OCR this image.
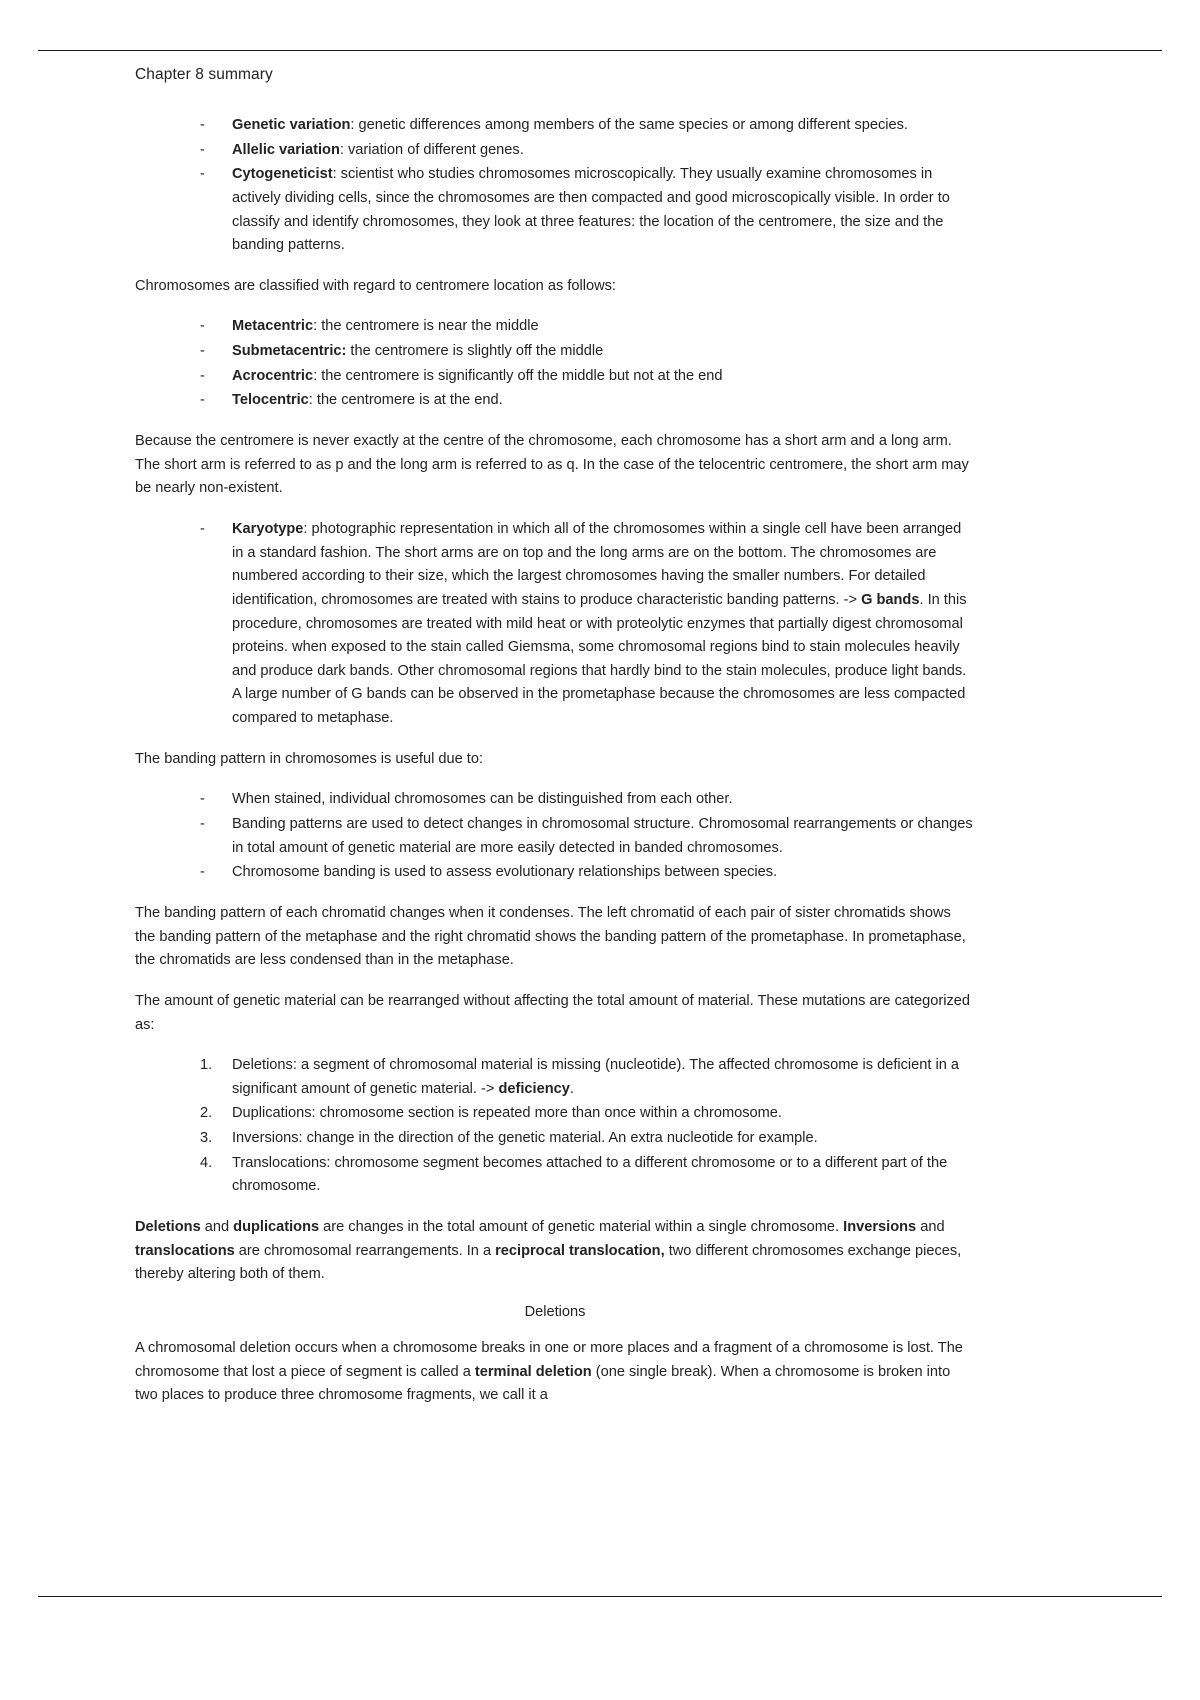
Chapter 8 summary
- Genetic variation: genetic differences among members of the same species or among different species.
- Allelic variation: variation of different genes.
- Cytogeneticist: scientist who studies chromosomes microscopically. They usually examine chromosomes in actively dividing cells, since the chromosomes are then compacted and good microscopically visible. In order to classify and identify chromosomes, they look at three features: the location of the centromere, the size and the banding patterns.

Chromosomes are classified with regard to centromere location as follows:

- Metacentric: the centromere is near the middle
- Submetacentric: the centromere is slightly off the middle
- Acrocentric: the centromere is significantly off the middle but not at the end
- Telocentric: the centromere is at the end.

Because the centromere is never exactly at the centre of the chromosome, each chromosome has a short arm and a long arm. The short arm is referred to as p and the long arm is referred to as q. In the case of the telocentric centromere, the short arm may be nearly non-existent.

- Karyotype: photographic representation in which all of the chromosomes within a single cell have been arranged in a standard fashion. The short arms are on top and the long arms are on the bottom. The chromosomes are numbered according to their size, which the largest chromosomes having the smaller numbers. For detailed identification, chromosomes are treated with stains to produce characteristic banding patterns. -> G bands. In this procedure, chromosomes are treated with mild heat or with proteolytic enzymes that partially digest chromosomal proteins. when exposed to the stain called Giemsma, some chromosomal regions bind to stain molecules heavily and produce dark bands. Other chromosomal regions that hardly bind to the stain molecules, produce light bands. A large number of G bands can be observed in the prometaphase because the chromosomes are less compacted compared to metaphase.

The banding pattern in chromosomes is useful due to:

- When stained, individual chromosomes can be distinguished from each other.
- Banding patterns are used to detect changes in chromosomal structure. Chromosomal rearrangements or changes in total amount of genetic material are more easily detected in banded chromosomes.
- Chromosome banding is used to assess evolutionary relationships between species.

The banding pattern of each chromatid changes when it condenses. The left chromatid of each pair of sister chromatids shows the banding pattern of the metaphase and the right chromatid shows the banding pattern of the prometaphase. In prometaphase, the chromatids are less condensed than in the metaphase.

The amount of genetic material can be rearranged without affecting the total amount of material. These mutations are categorized as:

Deletions: a segment of chromosomal material is missing (nucleotide). The affected chromosome is deficient in a significant amount of genetic material. -> deficiency.
Duplications: chromosome section is repeated more than once within a chromosome.
Inversions: change in the direction of the genetic material. An extra nucleotide for example.
Translocations: chromosome segment becomes attached to a different chromosome or to a different part of the chromosome.

Deletions and duplications are changes in the total amount of genetic material within a single chromosome. Inversions and translocations are chromosomal rearrangements. In a reciprocal translocation, two different chromosomes exchange pieces, thereby altering both of them.

Deletions

A chromosomal deletion occurs when a chromosome breaks in one or more places and a fragment of a chromosome is lost. The chromosome that lost a piece of segment is called a terminal deletion (one single break). When a chromosome is broken into two places to produce three chromosome fragments, we call it a
